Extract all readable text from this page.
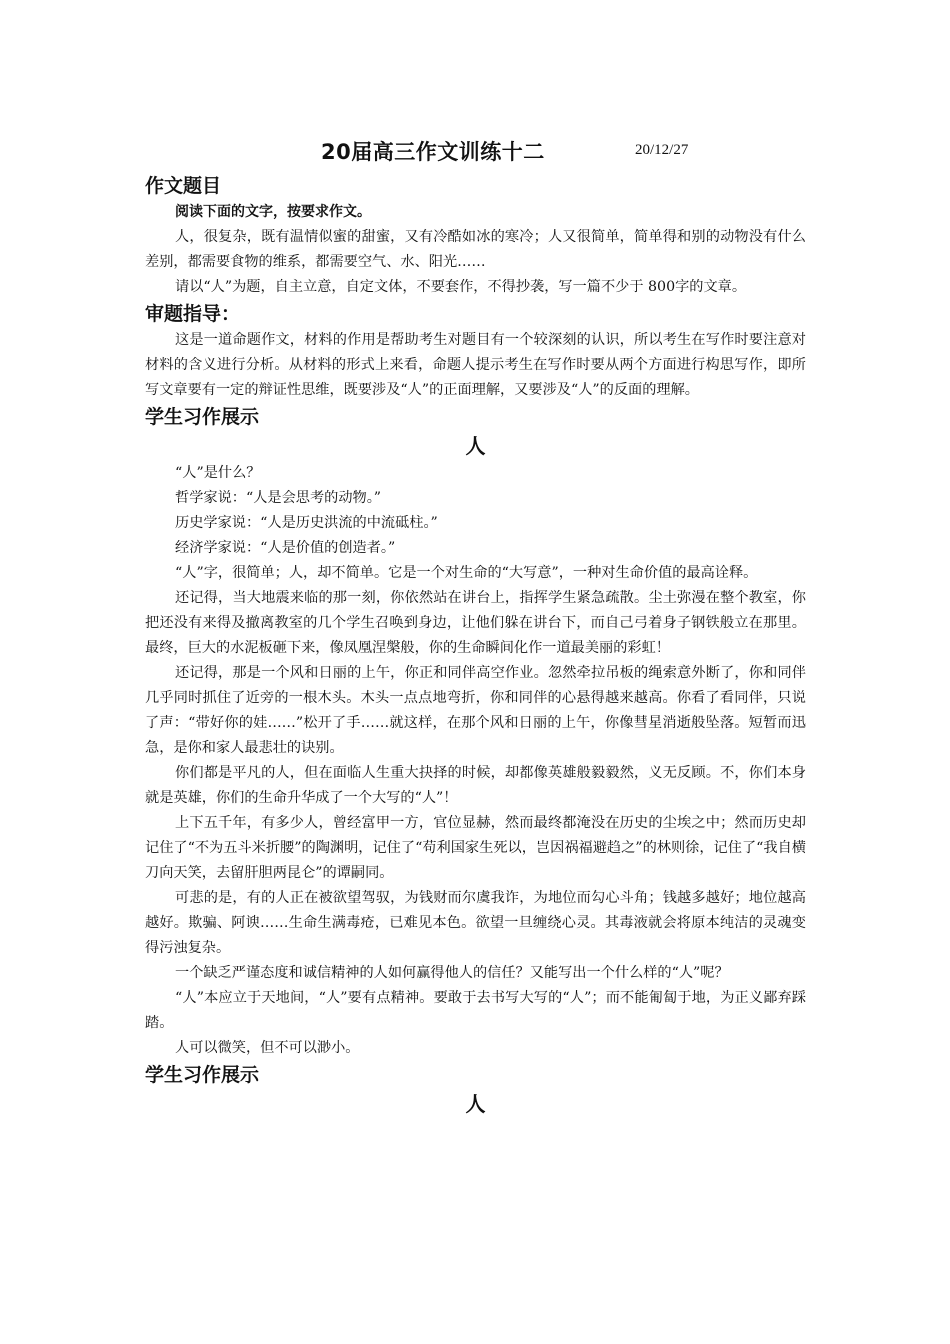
20届高三作文训练十二	20/12/27

作文题目

阅读下面的文字，按要求作文。

人，很复杂，既有温情似蜜的甜蜜，又有冷酷如冰的寒冷；人又很简单，简单得和别的动物没有什么差别，都需要食物的维系，都需要空气、水、阳光……

请以“人”为题，自主立意，自定文体，不要套作，不得抄袭，写一篇不少于 800字的文章。

审题指导：

这是一道命题作文，材料的作用是帮助考生对题目有一个较深刻的认识，所以考生在写作时要注意对材料的含义进行分析。从材料的形式上来看，命题人提示考生在写作时要从两个方面进行构思写作，即所写文章要有一定的辩证性思维，既要涉及“人”的正面理解，又要涉及“人”的反面的理解。

学生习作展示

人

“人”是什么？

哲学家说：“人是会思考的动物。”

历史学家说：“人是历史洪流的中流砥柱。”

经济学家说：“人是价值的创造者。”

“人”字，很简单；人，却不简单。它是一个对生命的“大写意”，一种对生命价值的最高诠释。

还记得，当大地震来临的那一刻，你依然站在讲台上，指挥学生紧急疏散。尘土弥漫在整个教室，你把还没有来得及撤离教室的几个学生召唤到身边，让他们躲在讲台下，而自己弓着身子钢铁般立在那里。最终，巨大的水泥板砸下来，像凤凰涅槃般，你的生命瞬间化作一道最美丽的彩虹！

还记得，那是一个风和日丽的上午，你正和同伴高空作业。忽然牵拉吊板的绳索意外断了，你和同伴几乎同时抓住了近旁的一根木头。木头一点点地弯折，你和同伴的心悬得越来越高。你看了看同伴，只说了声：“带好你的娃……”松开了手……就这样，在那个风和日丽的上午，你像彗星消逝般坠落。短暂而迅急，是你和家人最悲壮的诀别。

你们都是平凡的人，但在面临人生重大抉择的时候，却都像英雄般毅毅然，义无反顾。不，你们本身就是英雄，你们的生命升华成了一个大写的“人”！

上下五千年，有多少人，曾经富甲一方，官位显赫，然而最终都淹没在历史的尘埃之中；然而历史却记住了“不为五斗米折腰”的陶渊明，记住了“苟利国家生死以，岂因祸福避趋之”的林则徐，记住了“我自横刀向天笑，去留肝胆两昆仑”的谭嗣同。

可悲的是，有的人正在被欲望驾驭，为钱财而尔虞我诈，为地位而勾心斗角；钱越多越好；地位越高越好。欺骗、阿谀……生命生满毒疮，已难见本色。欲望一旦缠绕心灵。其毒液就会将原本纯洁的灵魂变得污浊复杂。

一个缺乏严谨态度和诚信精神的人如何赢得他人的信任？又能写出一个什么样的“人”呢？

“人”本应立于天地间，“人”要有点精神。要敢于去书写大写的“人”；而不能匍匐于地，为正义鄙弃踩踏。

人可以微笑，但不可以渺小。

学生习作展示

人
